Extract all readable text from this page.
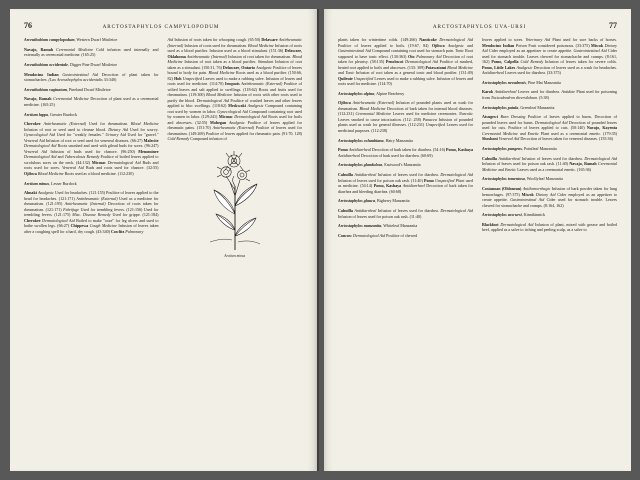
76	ARCTOSTAPHYLOS CAMPYLOPODUM

Arceuthobium campylopodum, Western Dwarf Mistletoe

Navajo, Ramah Ceremonial Medicine Cold infusion used internally and externally as ceremonial medicine. (165:25)

Arceuthobium occidentale, Digger Pine Dwarf Mistletoe

Mendocino Indian Gastrointestinal Aid Decoction of plant taken for stomachaches. (Lax Arceuthophylos accidentalis 33:340)

Arceuthobium vaginatum, Pineland Dwarf Mistletoe

Navajo, Ramah Ceremonial Medicine Decoction of plant used as a ceremonial medicine. (165:25)

Arctium lappa, Greater Burdock

Cherokee Antirheumatic (External) Used for rheumatism. Blood Medicine Infusion of root or seed used to cleanse blood. Dietary Aid Used for scurvy. Gynecological Aid Used for "weakly females." Urinary Aid Used for "gravel." Venereal Aid Infusion of root or seed used for venereal diseases. (66:27) Malecite Dermatological Aid Roots smashed and used with gilead buds for sores. (96:247) Venereal Aid Infusion of buds used for chancre. (96:250) Menominee Dermatological Aid and Tuberculosis Remedy Poultice of boiled leaves applied to scrofulous sores on the neck. (44:132) Micmac Dermatological Aid Buds and roots used for sores. Venereal Aid Buds and roots used for chancre. (32:55) Ojibwa Blood Medicine Roots used as a blood medicine. (112:230)

Arctium minus, Lesser Burdock

Abnaki Analgesic Used for headaches. (121:155) Poultice of leaves applied to the head for headaches. (121:171) Antirheumatic (External) Used as a medicine for rheumatism. (121:195) Antirheumatic (Internal) Decoction of roots taken for rheumatism. (121:171) Febrifuge Used for trembling fevers. (121:156) Used for trembling fevers. (121:175) Misc. Disease Remedy Used for grippe. (121:184) Cherokee Dermatological Aid Boiled to make "ooze" for leg ulcers and used to bathe swollen legs. (66:27) Chippewa Cough Medicine Infusion of leaves taken after a coughing spell for a hard, dry cough. (43:340) Cowlitz Pulmonary

Aid Infusion of roots taken for whooping cough. (65:50) Delaware Antirheumatic (Internal) Infusion of roots used for rheumatism. Blood Medicine Infusion of roots used as a blood purifier. Infusion used as a blood stimulant. (151:36) Delaware, Oklahoma Antirheumatic (Internal) Infusion of root taken for rheumatism. Blood Medicine Infusion of root taken as a blood purifier. Stimulant Infusion of root taken as a stimulant. (150:31, 76) Delaware, Ontario Analgesic Poultice of leaves bound to body for pain. Blood Medicine Roots used as a blood purifier. (150:66, 82) Hoh Unspecified Leaves used to make a rubbing salve. Infusion of leaves and roots used for medicine. (114:70) Iroquois Antirheumatic (External) Poultice of wilted leaves and salt applied to swellings. (118:62) Roots and fruits used for rheumatism. (119:300) Blood Medicine Infusion of roots with other roots used to purify the blood. Dermatological Aid Poultice of crushed leaves and other leaves applied to bloc swellings. (118:62) Meskwaki Analgesic Compound containing root used by women in labor. Gynecological Aid Compound containing root used by women in labor. (129:241) Micmac Dermatological Aid Roots used for boils and abscesses. (32:55) Mohegan Analgesic Poultice of leaves applied for rheumatic pains. (151:70) Antirheumatic (External) Poultice of leaves used for rheumatism. (149:269) Poultice of leaves applied for rheumatic pain. (91:70, 128) Cold Remedy Compound infusion of

Arctium minus
ARCTOSTAPHYLOS UVA-URSI	77

plants taken for wintertime colds. (149:266) Nanticoke Dermatological Aid Poultice of leaves applied to boils. (19:67, 84) Ojibwa Analgesic and Gastrointestinal Aid Compound containing root used for stomach pain. Tonic Root supposed to have tonic effect. (130:363) Oto Pulmonary Aid Decoction of root taken for pleurisy. (58:135) Penobscot Dermatological Aid Poultice of mashed, heated root applied to boils and abscesses. (133: 309) Potawatomi Blood Medicine and Tonic Infusion of root taken as a general tonic and blood purifier. (131:49) Quileute Unspecified Leaves used to make a rubbing salve. Infusion of leaves and roots used for medicine. (114:70)

Arctostaphylos alpina, Alpine Bearberry

Ojibwa Antirheumatic (External) Infusion of pounded plants used as wash for rheumatism. Blood Medicine Decoction of bark taken for internal blood diseases. (112:231) Ceremonial Medicine Leaves used for medicine ceremonies. Narcotic Leaves smoked to cause intoxication. (112: 258) Panacea Infusion of pounded plants used as wash for general illnesses. (112:231) Unspecified Leaves used for medicinal purposes. (112:238)

Arctostaphylos columbiana, Hairy Manzanita

Pomo Antidiarrheal Decoction of bark taken for diarrhea. (54:16) Pomo, Kashaya Antidiarrheal Decoction of bark used for diarrhea. (60:69)

Arctostaphylos glandulosa, Eastwood's Manzanita

Cahuilla Antidiarrheal Infusion of leaves used for diarrhea. Dermatological Aid Infusion of leaves used for poison oak rash. (11:40) Pomo Unspecified Plant used as medicine. (54:14) Pomo, Kashaya Antidiarrheal Decoction of bark taken for diarrhea and bleeding diarrhea. (60:68)

Arctostaphylos glauca, Bigberry Manzanita

Cahuilla Antidiarrheal Infusion of leaves used for diarrhea. Dermatological Aid Infusion of leaves used for poison oak rash. (11:40)

Arctostaphylos manzanita, Whiteleaf Manzanita

Concow Dermatological Aid Poultice of chewed

leaves applied to sores. Veterinary Aid Plant used for sore backs of horses. Mendocino Indian Poison Fruit considered poisonous. (33:375) Miwok Dietary Aid Cider employed as an appetizer to create appetite. Gastrointestinal Aid Cider used for stomach trouble. Leaves chewed for stomachache and cramps. (8:161, 162) Pomo, Calpella Cold Remedy Infusion of leaves taken for severe colds. Pomo, Little Lakes Analgesic Decoction of leaves used as a wash for headaches. Antidiarrheal Leaves used for diarrhea. (33:375)

Arctostaphylos nevadensis, Pine Mat Manzanita

Karok Antidiarrheal Leaves used for diarrhea. Antidote Plant used for poisoning from Toxicodendron diversilobum. (5:38)

Arctostaphylos patula, Greenleaf Manzanita

Atsugewi Burn Dressing Poultice of leaves applied to burns. Decoction of pounded leaves used for burns. Dermatological Aid Decoction of pounded leaves used for cuts. Poultice of leaves applied to cuts. (50:140) Navajo, Kayenta Ceremonial Medicine and Emetic Plant used as a ceremonial emetic. (179:35) Shoshoni Venereal Aid Decoction of leaves taken for venereal diseases. (155:36)

Arctostaphylos pungens, Pointleaf Manzanita

Cahuilla Antidiarrheal Infusion of leaves used for diarrhea. Dermatological Aid Infusion of leaves used for poison oak rash. (11:40) Navajo, Ramah Ceremonial Medicine and Emetic Leaves used as a ceremonial emetic. (165:36)

Arctostaphylos tomentosa, Woollyleaf Manzanita

Costanoan (Ohlonean) Antihemorrhagic Infusion of bark powder taken for lung hemorrhages. (97:375) Miwok Dietary Aid Cider employed as an appetizer to create appetite. Gastrointestinal Aid Cider used for stomach trouble. Leaves chewed for stomachache and cramps. (8:164, 162)

Arctostaphylos uva-ursi, Kinnikinnick

Blackfoot Dermatological Aid Infusion of plant, mixed with grease and boiled beef, applied as a salve to itching and peeling scalp, as a salve to
